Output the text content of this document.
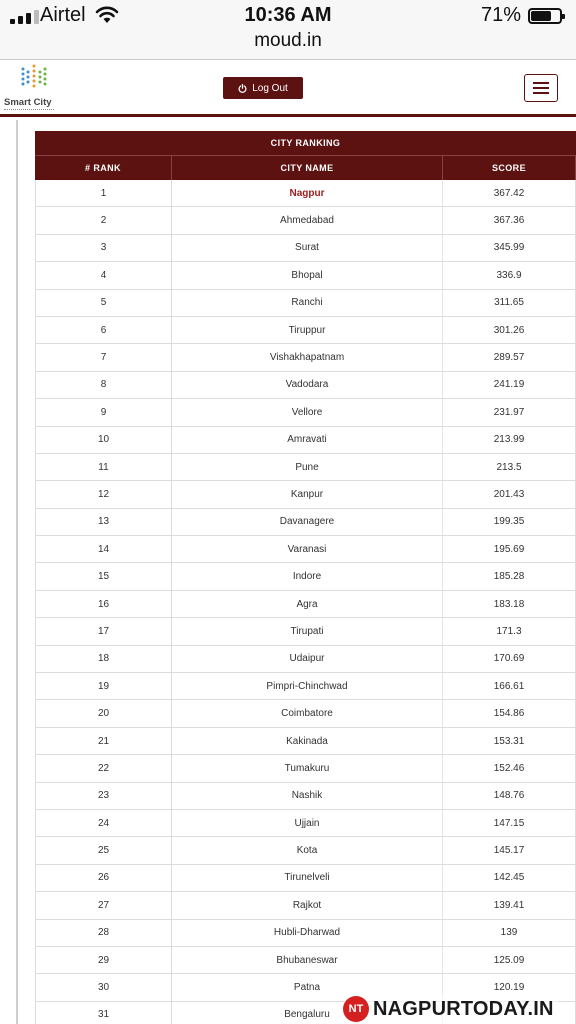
Airtel	10:36 AM	71%
moud.in
Smart City
Log Out
CITY RANKING
# RANK	CITY NAME	SCORE
1	Nagpur	367.42
2	Ahmedabad	367.36
3	Surat	345.99
4	Bhopal	336.9
5	Ranchi	311.65
6	Tiruppur	301.26
7	Vishakhapatnam	289.57
8	Vadodara	241.19
9	Vellore	231.97
10	Amravati	213.99
11	Pune	213.5
12	Kanpur	201.43
13	Davanagere	199.35
14	Varanasi	195.69
15	Indore	185.28
16	Agra	183.18
17	Tirupati	171.3
18	Udaipur	170.69
19	Pimpri-Chinchwad	166.61
20	Coimbatore	154.86
21	Kakinada	153.31
22	Tumakuru	152.46
23	Nashik	148.76
24	Ujjain	147.15
25	Kota	145.17
26	Tirunelveli	142.45
27	Rajkot	139.41
28	Hubli-Dharwad	139
29	Bhubaneswar	125.09
30	Patna	120.19
31	Bengaluru	NT NAGPURTODAY.IN
